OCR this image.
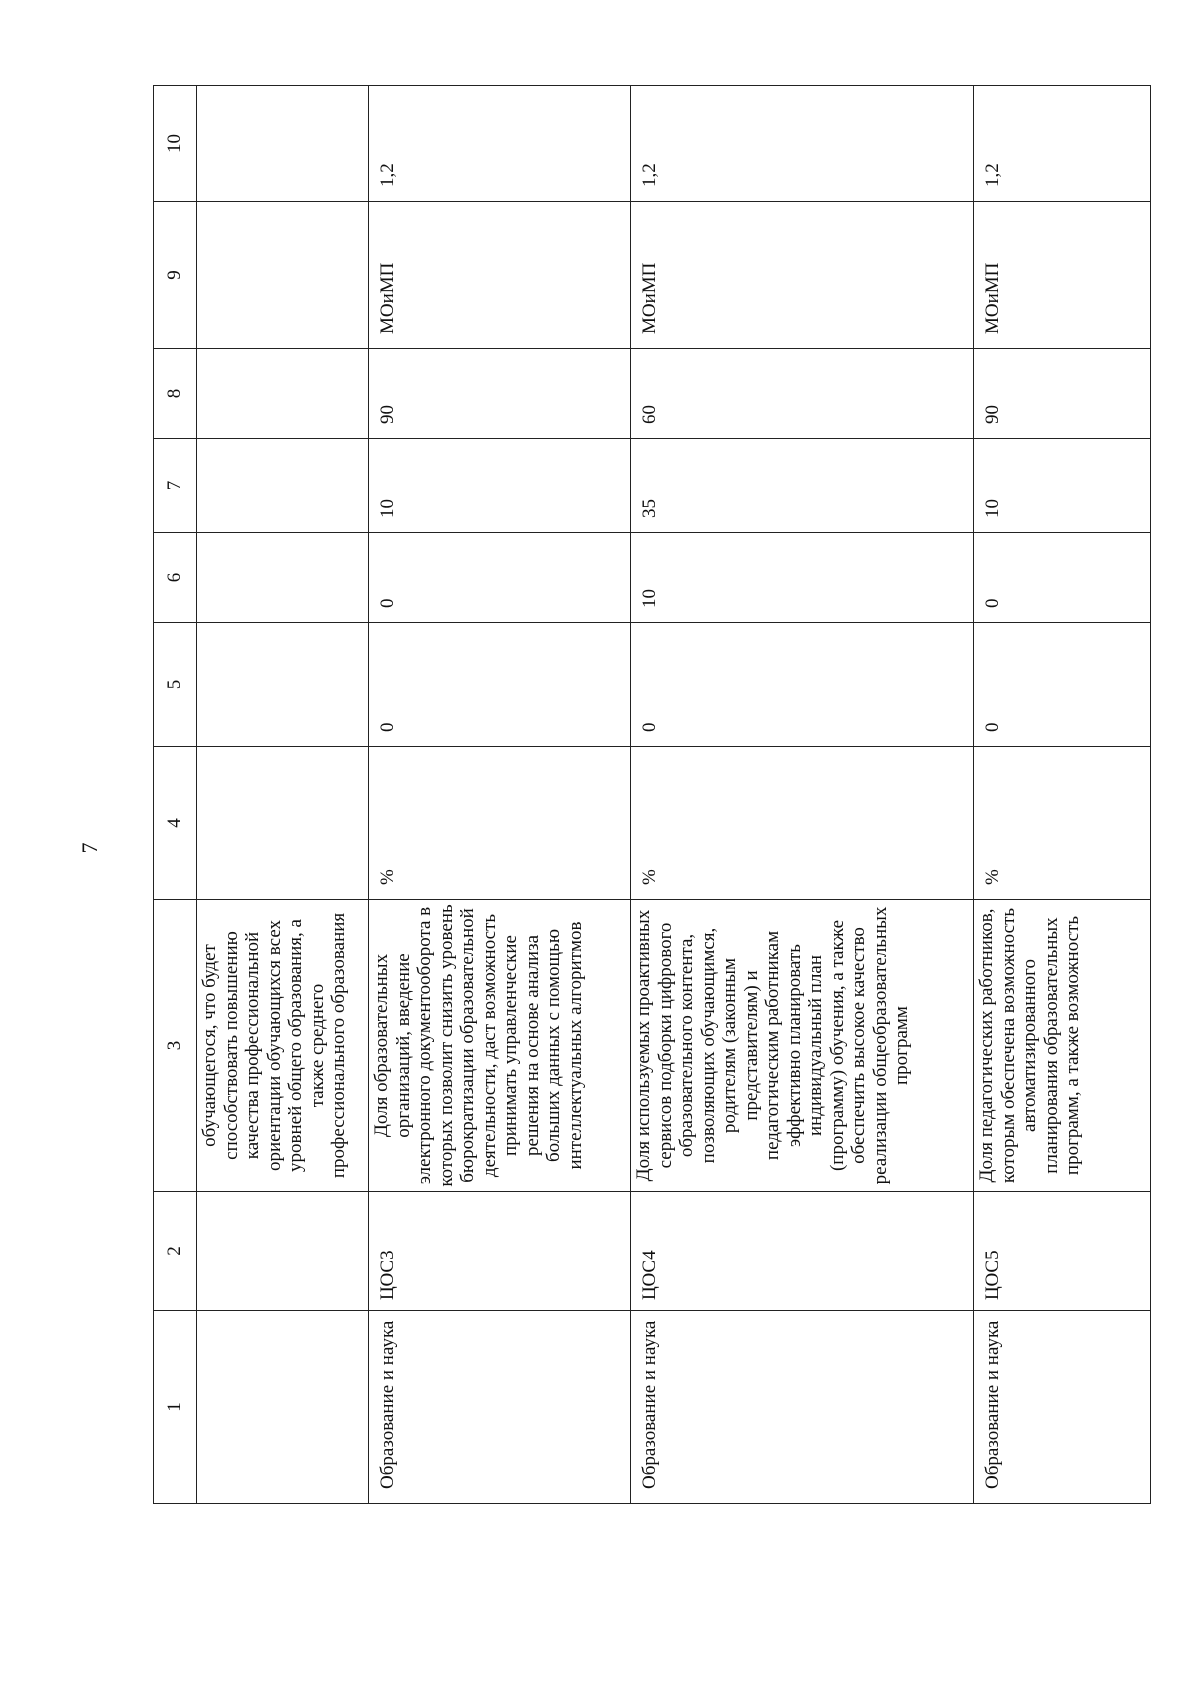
7
1	2	3	4	5	6	7	8	9	10
		обучающегося, что будет способствовать повышению качества профессиональной ориентации обучающихся всех уровней общего образования, а также среднего профессионального образования							
Образование и наука	ЦОС3	Доля образовательных организаций, введение электронного документооборота в которых позволит снизить уровень бюрократизации образовательной деятельности, даст возможность принимать управленческие решения на основе анализа больших данных с помощью интеллектуальных алгоритмов	%	0	0	10	90	МОиМП	1,2
Образование и наука	ЦОС4	Доля используемых проактивных сервисов подборки цифрового образовательного контента, позволяющих обучающимся, родителям (законным представителям) и педагогическим работникам эффективно планировать индивидуальный план (программу) обучения, а также обеспечить высокое качество реализации общеобразовательных программ	%	0	10	35	60	МОиМП	1,2
Образование и наука	ЦОС5	Доля педагогических работников, которым обеспечена возможность автоматизированного планирования образовательных программ, а также возможность	%	0	0	10	90	МОиМП	1,2
